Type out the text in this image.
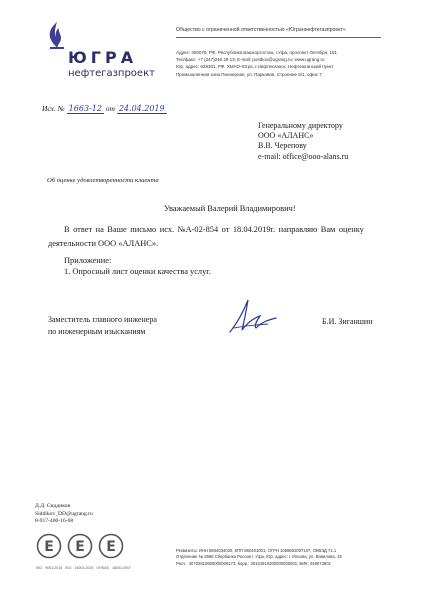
ЮГРА
нефтегазпроект
Общество с ограниченной ответственностью «Юграннефтегазпроект»
Адрес: 450075, РФ, Республика Башкортостан, г.Уфа, проспект Октября, 151
Тел/факс: +7 (347)246 29 13; E-mail: postbox@ugrang.ru; www.ugrang.ru
Юр. адрес: 628301, РФ, ХМАО-Югра, г.Нефтеюганск, Нефтеюганский пункт
Промышленная зона Пионерная, ул. Парковая, Строение 5/1, офис 7
Исх. № 1663-12 от 24.04.2019
Генеральному директору
ООО «АЛАНС»
В.В. Черепову
e-mail: office@ooo-alans.ru
Об оценке удовлетворенности клиента
Уважаемый Валерий Владимирович!
В ответ на Ваше письмо исх. №А-02-854 от 18.04.2019г. направляю Вам оценку
деятельности ООО «АЛАНС».
Приложение:
1. Опросный лист оценки качества услуг.
Заместитель главного инженера
по инженерным изысканиям
Б.И. Зиганшин
Д.Д. Сиддиков
Siddikov_DD@ugrang.ru
8-917-400-16-68
E E E
ISO 9001:2015 ISO 14001:2015 OHSAS 18001:2007
Реквизиты: ИНН 8604034025, КПП 860401001, ОГРН 1058602007107, ОКВЭД 71.1
Отделение № 8598 Сбербанка России г. Уфа, Юр. адрес: г. Москва, ул. Вавилова, 19
Расч.: 40702810606000006173; Корр.: 30101810300000000601; БИК: 048073601
